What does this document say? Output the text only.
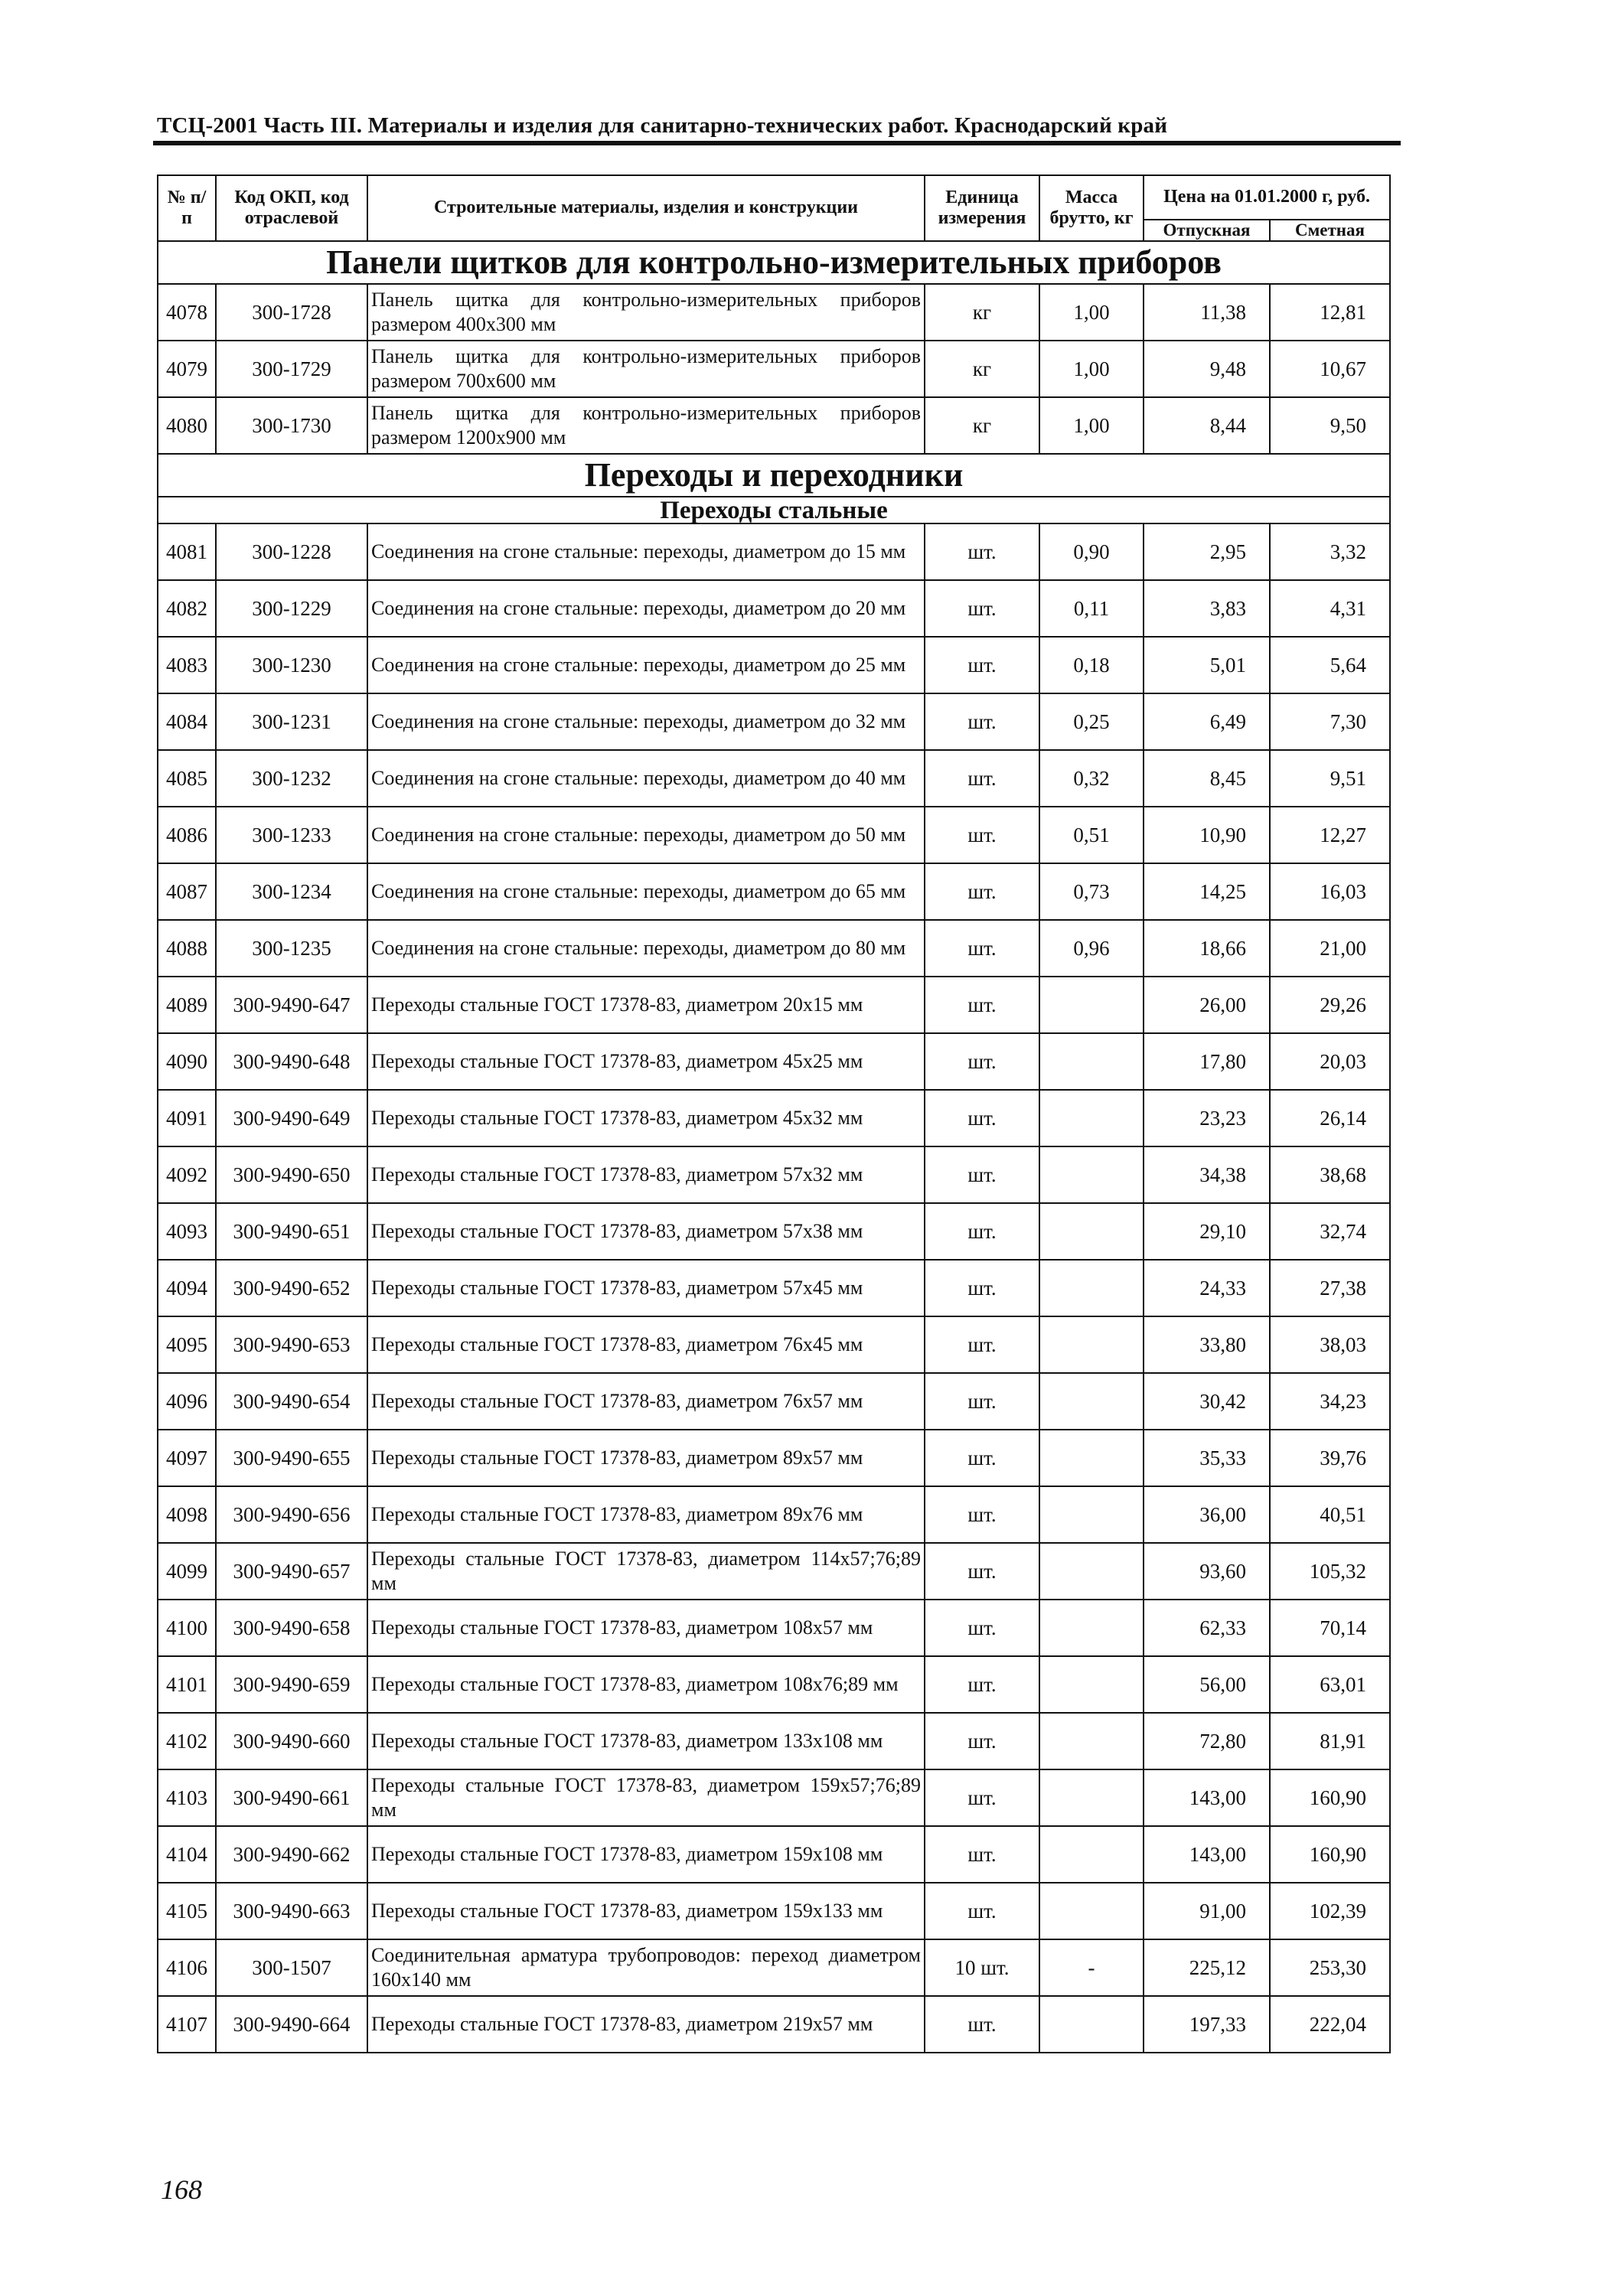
ТСЦ-2001 Часть III. Материалы и изделия для санитарно-технических работ. Краснодарский край
№ п/п	Код ОКП, код отраслевой	Строительные материалы, изделия и конструкции	Единица измерения	Масса брутто, кг	Цена на 01.01.2000 г, руб.	
					Отпускная	Сметная
Панели щитков для контрольно-измерительных приборов						
4078	300-1728	Панель щитка для контрольно-измерительных приборов размером 400х300 мм	кг	1,00	11,38	12,81
4079	300-1729	Панель щитка для контрольно-измерительных приборов размером 700х600 мм	кг	1,00	9,48	10,67
4080	300-1730	Панель щитка для контрольно-измерительных приборов размером 1200х900 мм	кг	1,00	8,44	9,50
Переходы и переходники						
Переходы стальные						
4081	300-1228	Соединения на сгоне стальные: переходы, диаметром до 15 мм	шт.	0,90	2,95	3,32
4082	300-1229	Соединения на сгоне стальные: переходы, диаметром до 20 мм	шт.	0,11	3,83	4,31
4083	300-1230	Соединения на сгоне стальные: переходы, диаметром до 25 мм	шт.	0,18	5,01	5,64
4084	300-1231	Соединения на сгоне стальные: переходы, диаметром до 32 мм	шт.	0,25	6,49	7,30
4085	300-1232	Соединения на сгоне стальные: переходы, диаметром до 40 мм	шт.	0,32	8,45	9,51
4086	300-1233	Соединения на сгоне стальные: переходы, диаметром до 50 мм	шт.	0,51	10,90	12,27
4087	300-1234	Соединения на сгоне стальные: переходы, диаметром до 65 мм	шт.	0,73	14,25	16,03
4088	300-1235	Соединения на сгоне стальные: переходы, диаметром до 80 мм	шт.	0,96	18,66	21,00
4089	300-9490-647	Переходы стальные ГОСТ 17378-83, диаметром 20х15 мм	шт.		26,00	29,26
4090	300-9490-648	Переходы стальные ГОСТ 17378-83, диаметром 45х25 мм	шт.		17,80	20,03
4091	300-9490-649	Переходы стальные ГОСТ 17378-83, диаметром 45х32 мм	шт.		23,23	26,14
4092	300-9490-650	Переходы стальные ГОСТ 17378-83, диаметром 57х32 мм	шт.		34,38	38,68
4093	300-9490-651	Переходы стальные ГОСТ 17378-83, диаметром 57х38 мм	шт.		29,10	32,74
4094	300-9490-652	Переходы стальные ГОСТ 17378-83, диаметром 57х45 мм	шт.		24,33	27,38
4095	300-9490-653	Переходы стальные ГОСТ 17378-83, диаметром 76х45 мм	шт.		33,80	38,03
4096	300-9490-654	Переходы стальные ГОСТ 17378-83, диаметром 76х57 мм	шт.		30,42	34,23
4097	300-9490-655	Переходы стальные ГОСТ 17378-83, диаметром 89х57 мм	шт.		35,33	39,76
4098	300-9490-656	Переходы стальные ГОСТ 17378-83, диаметром 89х76 мм	шт.		36,00	40,51
4099	300-9490-657	Переходы стальные ГОСТ 17378-83, диаметром 114х57;76;89 мм	шт.		93,60	105,32
4100	300-9490-658	Переходы стальные ГОСТ 17378-83, диаметром 108х57 мм	шт.		62,33	70,14
4101	300-9490-659	Переходы стальные ГОСТ 17378-83, диаметром 108х76;89 мм	шт.		56,00	63,01
4102	300-9490-660	Переходы стальные ГОСТ 17378-83, диаметром 133х108 мм	шт.		72,80	81,91
4103	300-9490-661	Переходы стальные ГОСТ 17378-83, диаметром 159х57;76;89 мм	шт.		143,00	160,90
4104	300-9490-662	Переходы стальные ГОСТ 17378-83, диаметром 159х108 мм	шт.		143,00	160,90
4105	300-9490-663	Переходы стальные ГОСТ 17378-83, диаметром 159х133 мм	шт.		91,00	102,39
4106	300-1507	Соединительная арматура трубопроводов: переход диаметром 160х140 мм	10 шт.	-	225,12	253,30
4107	300-9490-664	Переходы стальные ГОСТ 17378-83, диаметром 219х57 мм	шт.		197,33	222,04
168
